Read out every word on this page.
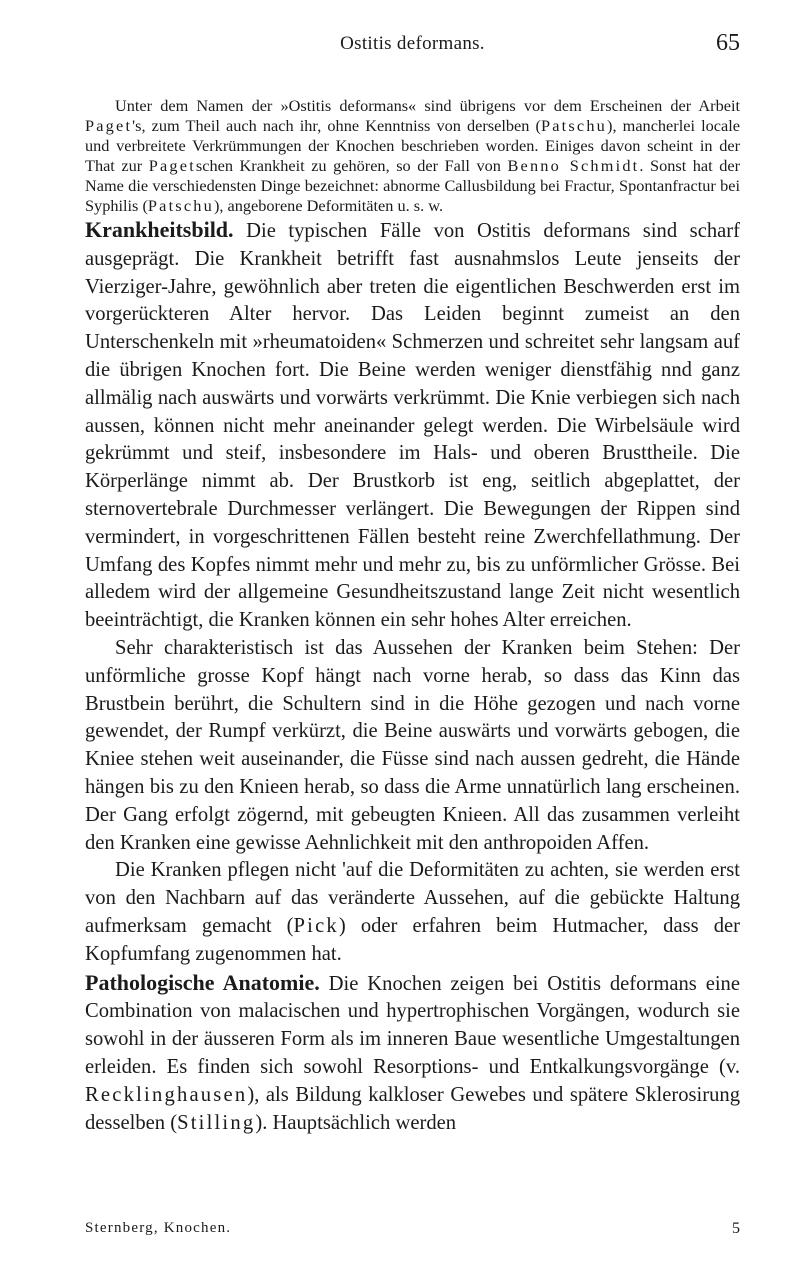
Ostitis deformans.	65

Unter dem Namen der »Ostitis deformans« sind übrigens vor dem Erscheinen der Arbeit Paget's, zum Theil auch nach ihr, ohne Kenntniss von derselben (Patschu), mancherlei locale und verbreitete Verkrümmungen der Knochen beschrieben worden. Einiges davon scheint in der That zur Pagetschen Krankheit zu gehören, so der Fall von Benno Schmidt. Sonst hat der Name die verschiedensten Dinge bezeichnet: abnorme Callusbildung bei Fractur, Spontanfractur bei Syphilis (Patschu), angeborene Deformitäten u. s. w.

Krankheitsbild. Die typischen Fälle von Ostitis deformans sind scharf ausgeprägt. Die Krankheit betrifft fast ausnahmslos Leute jenseits der Vierziger-Jahre, gewöhnlich aber treten die eigentlichen Beschwerden erst im vorgerückteren Alter hervor. Das Leiden beginnt zumeist an den Unterschenkeln mit »rheumatoiden« Schmerzen und schreitet sehr langsam auf die übrigen Knochen fort. Die Beine werden weniger dienstfähig nnd ganz allmälig nach auswärts und vorwärts verkrümmt. Die Knie verbiegen sich nach aussen, können nicht mehr aneinander gelegt werden. Die Wirbelsäule wird gekrümmt und steif, insbesondere im Hals- und oberen Brusttheile. Die Körperlänge nimmt ab. Der Brustkorb ist eng, seitlich abgeplattet, der sternovertebrale Durchmesser verlängert. Die Bewegungen der Rippen sind vermindert, in vorgeschrittenen Fällen besteht reine Zwerchfellathmung. Der Umfang des Kopfes nimmt mehr und mehr zu, bis zu unförmlicher Grösse. Bei alledem wird der allgemeine Gesundheitszustand lange Zeit nicht wesentlich beeinträchtigt, die Kranken können ein sehr hohes Alter erreichen.

Sehr charakteristisch ist das Aussehen der Kranken beim Stehen: Der unförmliche grosse Kopf hängt nach vorne herab, so dass das Kinn das Brustbein berührt, die Schultern sind in die Höhe gezogen und nach vorne gewendet, der Rumpf verkürzt, die Beine auswärts und vorwärts gebogen, die Kniee stehen weit auseinander, die Füsse sind nach aussen gedreht, die Hände hängen bis zu den Knieen herab, so dass die Arme unnatürlich lang erscheinen. Der Gang erfolgt zögernd, mit gebeugten Knieen. All das zusammen verleiht den Kranken eine gewisse Aehnlichkeit mit den anthropoiden Affen.

Die Kranken pflegen nicht 'auf die Deformitäten zu achten, sie werden erst von den Nachbarn auf das veränderte Aussehen, auf die gebückte Haltung aufmerksam gemacht (Pick) oder erfahren beim Hutmacher, dass der Kopfumfang zugenommen hat.

Pathologische Anatomie. Die Knochen zeigen bei Ostitis deformans eine Combination von malacischen und hypertrophischen Vorgängen, wodurch sie sowohl in der äusseren Form als im inneren Baue wesentliche Umgestaltungen erleiden. Es finden sich sowohl Resorptions- und Entkalkungsvorgänge (v. Recklinghausen), als Bildung kalkloser Gewebes und spätere Sklerosirung desselben (Stilling). Hauptsächlich werden

Sternberg, Knochen.	5
